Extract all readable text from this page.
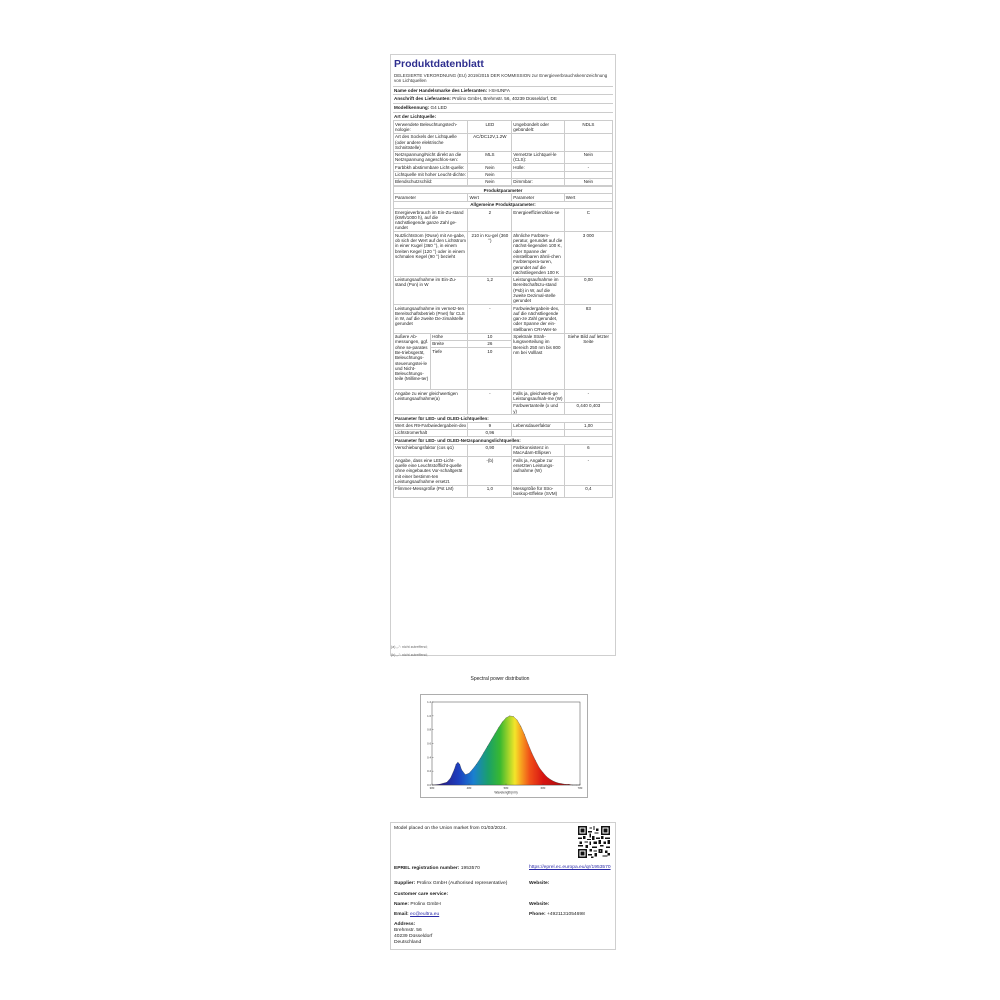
Produktdatenblatt
DELEGIERTE VERORDNUNG (EU) 2019/2015 DER KOMMISSION zur Energieverbrauchskennzeichnung von Lichtquellen
Name oder Handelsmarke des Lieferanten: I-SHUNFA
Anschrift des Lieferanten: Prolinx GmbH, Brehmstr. 56, 40239 Düsseldorf, DE
Modellkennung: G4 LED
Art der Lichtquelle:
Verwendete Beleuchtungstech-nologie:	LED	Ungebündelt oder gebündelt:	NDLS
Art des Sockels der Lichtquelle (oder andere elektrische Schnittstelle)	AC/DC12V,1.2W		
Netzspannung/Nicht direkt an die Netzspannung angeschlos-sen:	MLS	Vernetzte Lichtquel-le (CLS):	Nein
Farbbkh abstimmbare Licht-quelle:	Nein	Hülle:	-
Lichtquelle mit hoher Leucht-dichte:	Nein		
Blendschutzschild:	Nein	Dimmbar:	Nein
Produktparameter				
Parameter		Wert	Parameter	Wert
Allgemeine Produktparameter:				
Energieverbrauch im Ein-Zu-stand (kWh/1000 h), auf die nächstliegende ganze Zahl ge-rundet		2	Energieeffizienzklas-se	C
Nutzlichtstrom (Φuse) mit An-gabe, ob sich der Wert auf den Lichtstrom in einer Kugel (360 °), in einem breiten Kegel (120 °) oder in einem schmalen Kegel (90 °) bezieht		210 in Ku-gel (360 °)	ähnliche Farbtem-peratur, gerundet auf die nächst-liegenden 100 K, oder Spanne der einstellbaren ähnli-chen Farbtempera-turen, gerundet auf die nächstliegenden 100 K	3 000
Leistungsaufnahme im Ein-Zu-stand (Pon) in W		1,2	Leistungsaufnahme im Bereitschaftszu-stand (Psb) in W, auf die zweite Dezimal-stelle gerundet	0,00
Leistungsaufnahme im vernetz-ten Bereitschaftsbetrieb (Pnet) für CLS in W, auf die zweite De-zimalstelle gerundet		-	Farbwiedergabein-dex, auf die nächstliegende gan-ze Zahl gerundet, oder Spanne der ein-stellbaren CRI-Wer-te	83
äußere Ab-messungen, ggf. ohne se-parates Be-triebsgerät, Beleuchtungs-steuerungstei-le und Nicht-Beleuchtungs-teile (Millime-ter)	Höhe	10	Spektrale Strah-lungsverteilung im Bereich 250 nm bis 800 nm bei Volllast	Siehe Bild auf letzter Seite
	Breite	26		
	Tiefe	10		
Angabe zu einer gleichwertigen Leistungsaufnahme(a)		-	Falls ja, gleichwerti-ge Leistungsaufnah-me (W)	-
			Farbwertanteile (x und y)	0,440 0,403
Parameter für LED- und OLED-Lichtquellen:				
Wert des R9-Farbwiedergabein-dex		9	Lebensdauerfaktor	1,00
Lichtstromerhalt		0,96		
Parameter für LED- und OLED-Netzspannungslichtquellen:				
Verschiebungsfaktor (cos φ1)		0,90	Farbkonsistenz in MacAdam-Ellipsen	6
Angabe, dass eine LED-Licht-quelle eine Leuchtstofflicht-quelle ohne eingebautes Vor-schaltgerät mit einer bestimm-ten Leistungsaufnahme ersetzt.		-(b)	Falls ja, Angabe zur ersetzten Leistungs-aufnahme (W)	-
Flimmer-Messgröße (Pst LM)		1,0	Messgröße für Stro-boskop-Effekte (SVM)	0,4
(a) „-“: nicht zutreffend;
(b) „-“: nicht zutreffend;
Spectral power distribution
380	480	580	680	780
0.0
0.2
0.4
0.6
0.8
1.0
1.2
Wavelength(nm)
Model placed on the Union market from 01/03/2024.
EPREL registration number: 1953570	https://eprel.ec.europa.eu/qr/1953570
Supplier: Prolinx GmbH (Authorised representative)	Website:
Customer care service:
Name: Prolinx GmbH	Website:
Email: ec@eultra.eu	Phone: +4921131054698
Address:
Brehmstr. 56
40239 Düsseldorf
Deutschland
